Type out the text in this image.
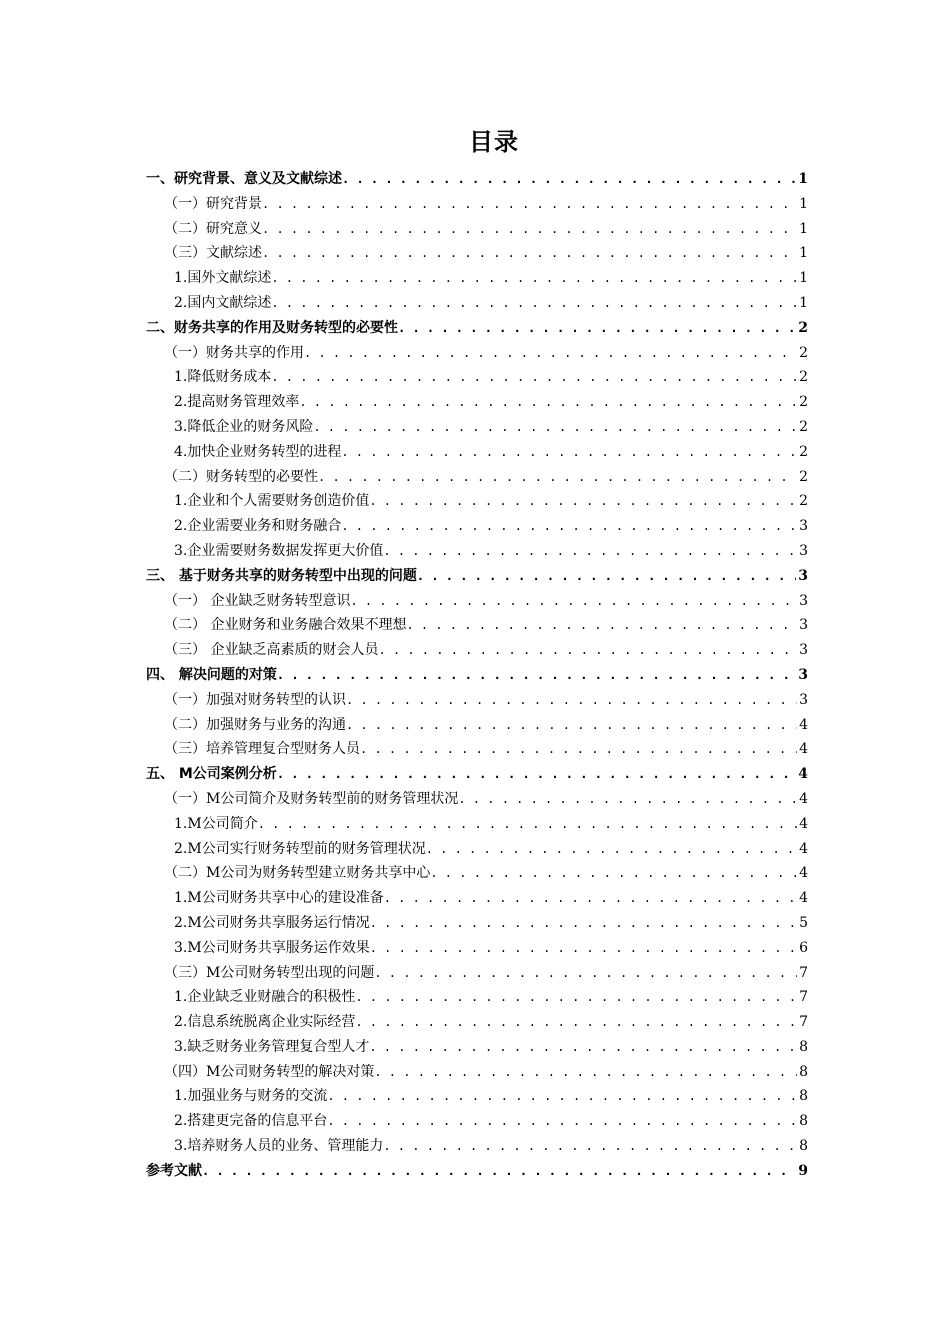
目录
一、研究背景、意义及文献综述 . . .	1
（一）研究背景 . . .	1
（二）研究意义 . . .	1
（三）文献综述 . . .	1
1.国外文献综述 . . .	1
2.国内文献综述 . . .	1
二、财务共享的作用及财务转型的必要性 . . .	2
（一）财务共享的作用 . . .	2
1.降低财务成本 . . .	2
2.提高财务管理效率 . . .	2
3.降低企业的财务风险 . . .	2
4.加快企业财务转型的进程 . . .	2
（二）财务转型的必要性 . . .	2
1.企业和个人需要财务创造价值 . . .	2
2.企业需要业务和财务融合 . . .	3
3.企业需要财务数据发挥更大价值 . . .	3
三、 基于财务共享的财务转型中出现的问题 . . .	3
（一） 企业缺乏财务转型意识 . . .	3
（二） 企业财务和业务融合效果不理想 . . .	3
（三） 企业缺乏高素质的财会人员 . . .	3
四、 解决问题的对策 . . .	3
（一）加强对财务转型的认识 . . .	3
（二）加强财务与业务的沟通 . . .	4
（三）培养管理复合型财务人员 . . .	4
五、 M公司案例分析 . . .	4
（一）M公司简介及财务转型前的财务管理状况 . . .	4
1.M公司简介 . . .	4
2.M公司实行财务转型前的财务管理状况 . . .	4
（二）M公司为财务转型建立财务共享中心 . . .	4
1.M公司财务共享中心的建设准备 . . .	4
2.M公司财务共享服务运行情况 . . .	5
3.M公司财务共享服务运作效果 . . .	6
（三）M公司财务转型出现的问题 . . .	7
1.企业缺乏业财融合的积极性 . . .	7
2.信息系统脱离企业实际经营 . . .	7
3.缺乏财务业务管理复合型人才 . . .	8
（四）M公司财务转型的解决对策 . . .	8
1.加强业务与财务的交流 . . .	8
2.搭建更完备的信息平台 . . .	8
3.培养财务人员的业务、管理能力 . . .	8
参考文献 . . .	9
